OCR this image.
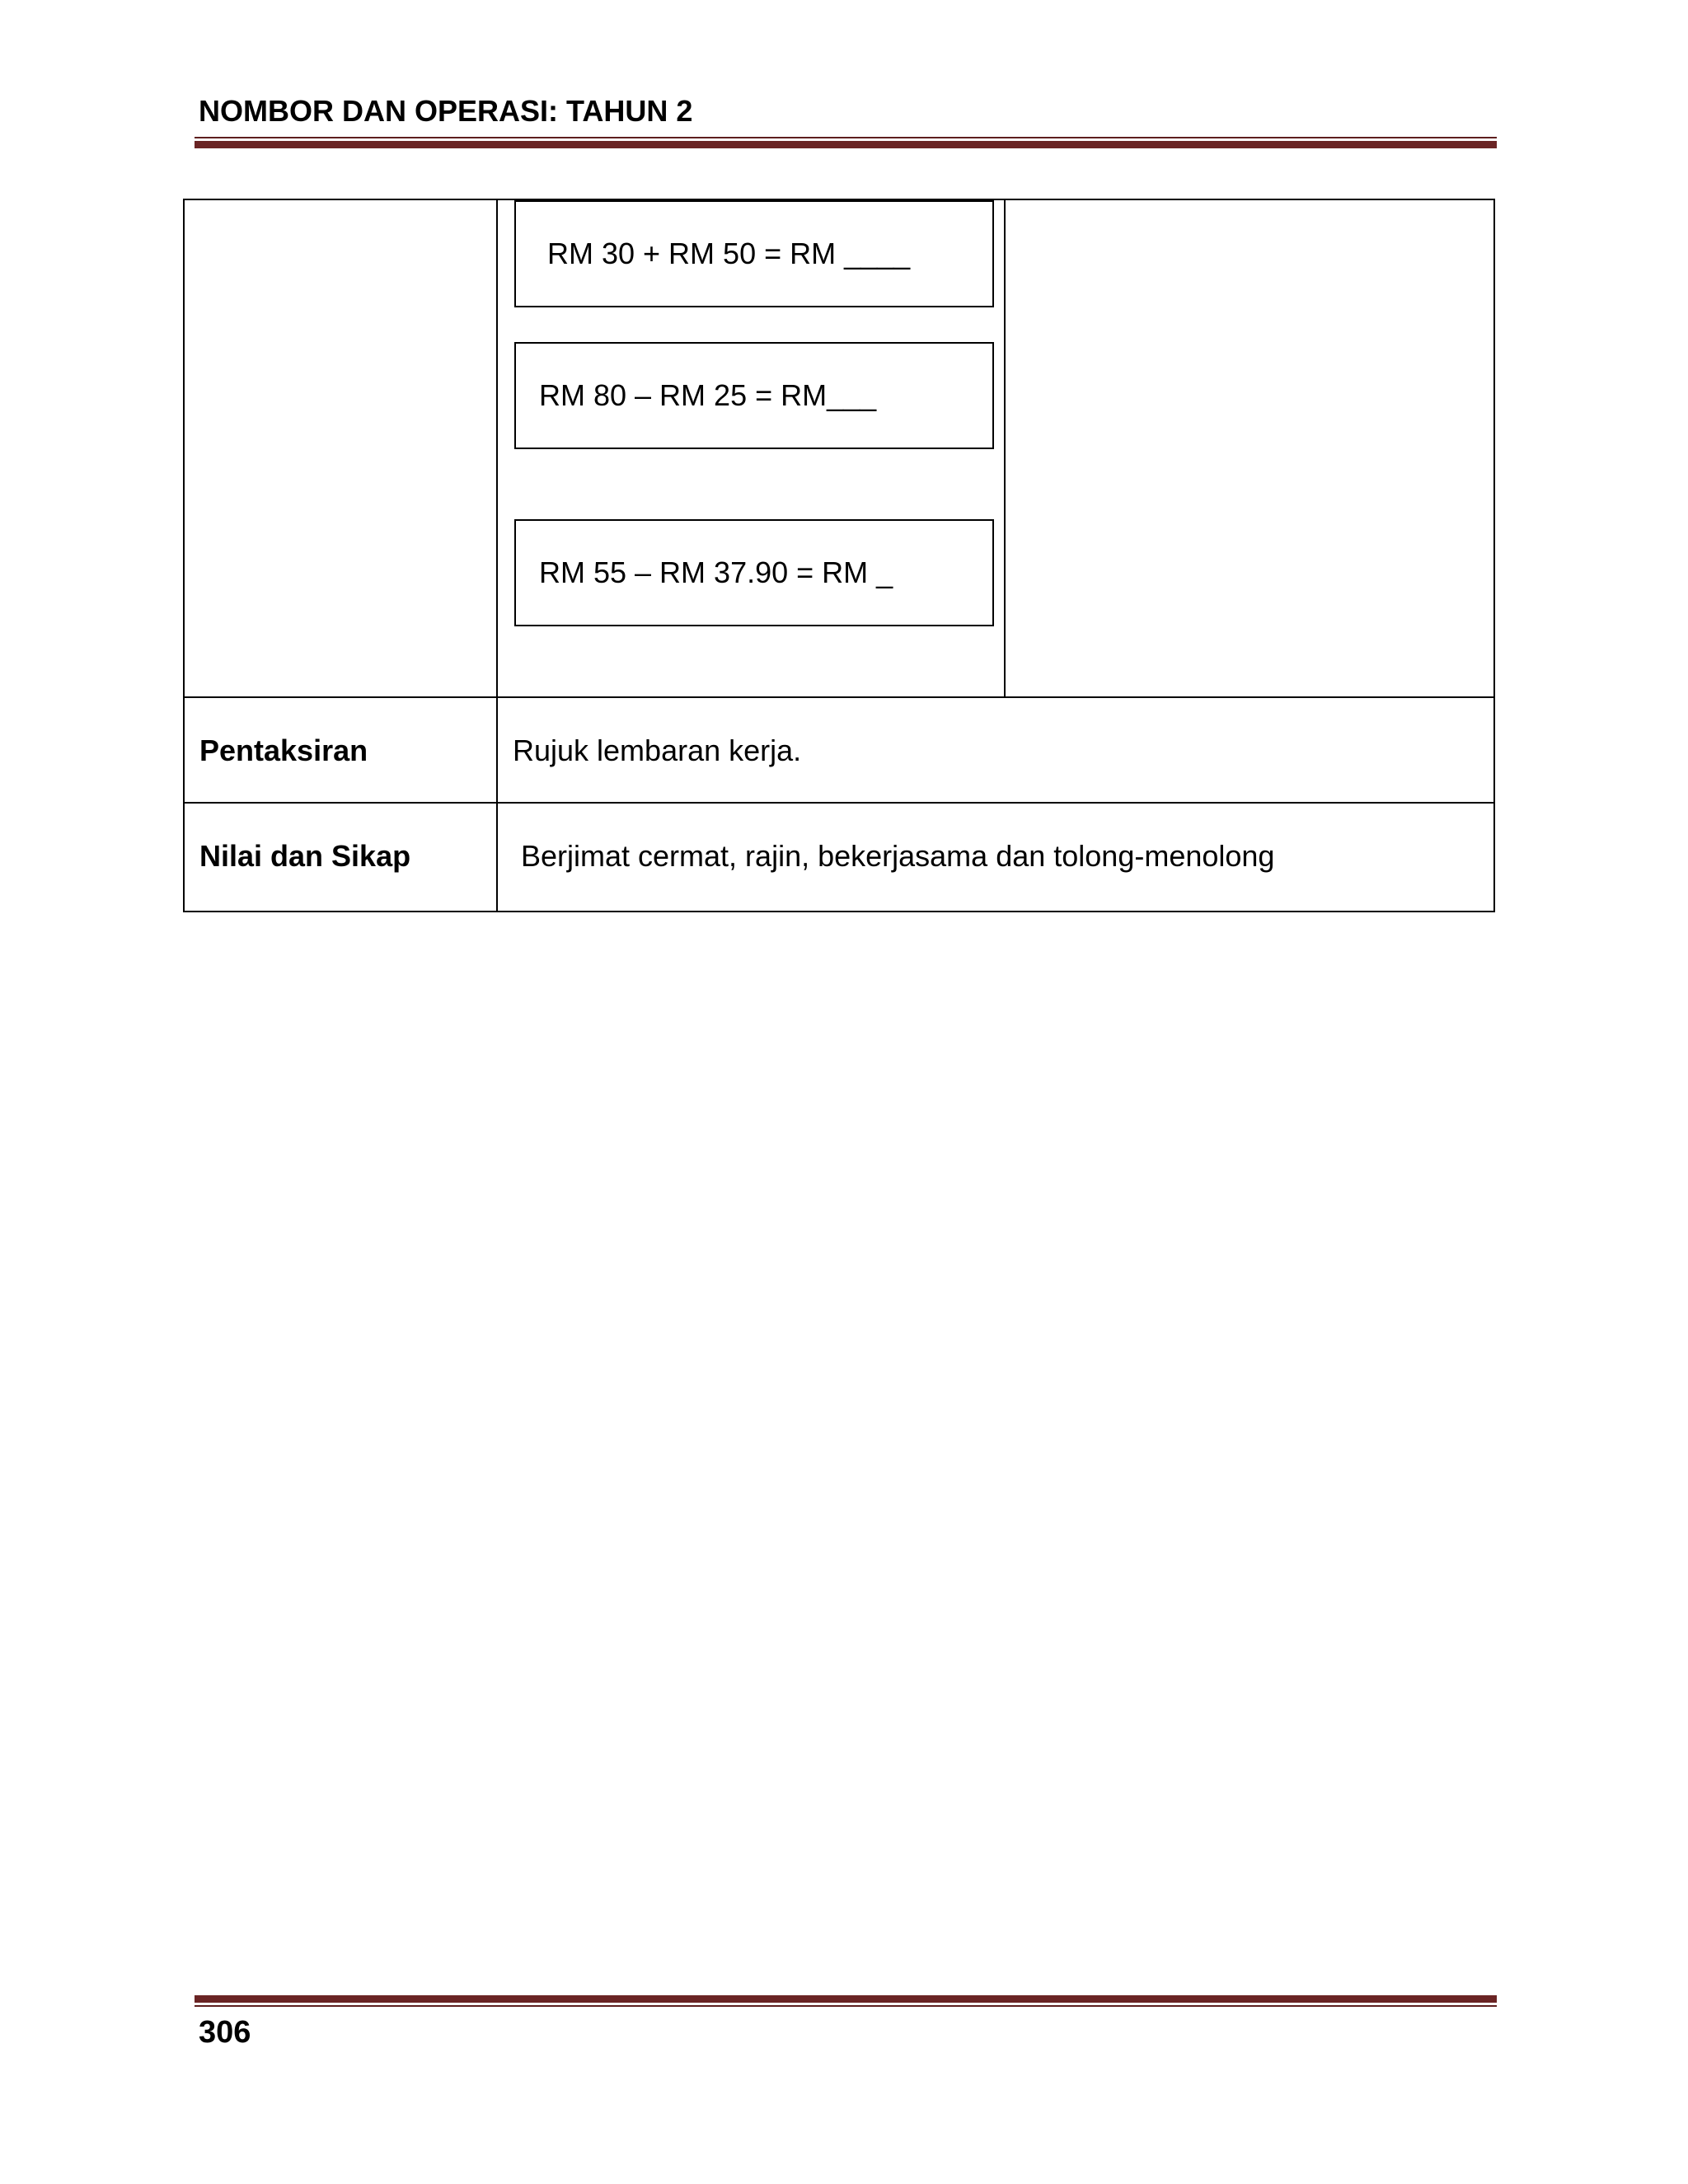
NOMBOR DAN OPERASI: TAHUN 2
RM 30 + RM 50 = RM ____
RM 80 – RM 25 = RM___
RM 55 – RM 37.90 = RM _
Pentaksiran	Rujuk lembaran kerja.
Nilai dan Sikap	Berjimat cermat, rajin, bekerjasama dan tolong-menolong
306
